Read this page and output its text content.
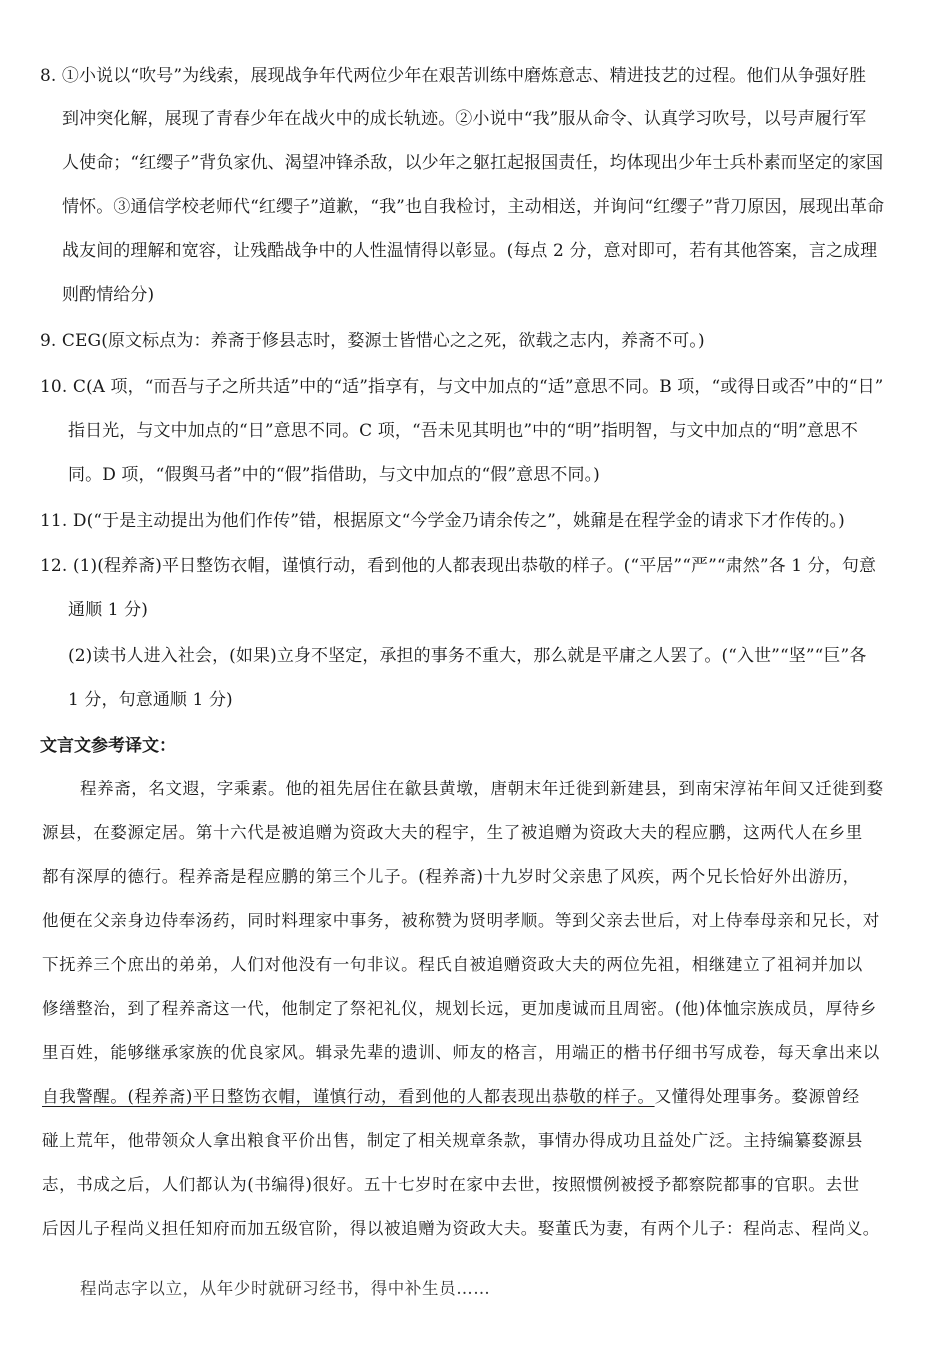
8. ①小说以“吹号”为线索，展现战争年代两位少年在艰苦训练中磨炼意志、精进技艺的过程。他们从争强好胜
到冲突化解，展现了青春少年在战火中的成长轨迹。②小说中“我”服从命令、认真学习吹号，以号声履行军
人使命；“红缨子”背负家仇、渴望冲锋杀敌，以少年之躯扛起报国责任，均体现出少年士兵朴素而坚定的家国
情怀。③通信学校老师代“红缨子”道歉，“我”也自我检讨，主动相送，并询问“红缨子”背刀原因，展现出革命
战友间的理解和宽容，让残酷战争中的人性温情得以彰显。(每点 2 分，意对即可，若有其他答案，言之成理
则酌情给分)
9. CEG(原文标点为：养斋于修县志时，婺源士皆惜心之之死，欲载之志内，养斋不可。)
10. C(A 项，“而吾与子之所共适”中的“适”指享有，与文中加点的“适”意思不同。B 项，“或得日或否”中的“日”
指日光，与文中加点的“日”意思不同。C 项，“吾未见其明也”中的“明”指明智，与文中加点的“明”意思不
同。D 项，“假舆马者”中的“假”指借助，与文中加点的“假”意思不同。)
11. D(“于是主动提出为他们作传”错，根据原文“今学金乃请余传之”，姚鼐是在程学金的请求下才作传的。)
12. (1)(程养斋)平日整饬衣帽，谨慎行动，看到他的人都表现出恭敬的样子。(“平居”“严”“肃然”各 1 分，句意
通顺 1 分)
(2)读书人进入社会，(如果)立身不坚定，承担的事务不重大，那么就是平庸之人罢了。(“入世”“坚”“巨”各
1 分，句意通顺 1 分)
文言文参考译文：
程养斋，名文遐，字乘素。他的祖先居住在歙县黄墩，唐朝末年迁徙到新建县，到南宋淳祐年间又迁徙到婺
源县，在婺源定居。第十六代是被追赠为资政大夫的程宇，生了被追赠为资政大夫的程应鹏，这两代人在乡里
都有深厚的德行。程养斋是程应鹏的第三个儿子。(程养斋)十九岁时父亲患了风疾，两个兄长恰好外出游历，
他便在父亲身边侍奉汤药，同时料理家中事务，被称赞为贤明孝顺。等到父亲去世后，对上侍奉母亲和兄长，对
下抚养三个庶出的弟弟，人们对他没有一句非议。程氏自被追赠资政大夫的两位先祖，相继建立了祖祠并加以
修缮整治，到了程养斋这一代，他制定了祭祀礼仪，规划长远，更加虔诚而且周密。(他)体恤宗族成员，厚待乡
里百姓，能够继承家族的优良家风。辑录先辈的遗训、师友的格言，用端正的楷书仔细书写成卷，每天拿出来以
自我警醒。(程养斋)平日整饬衣帽，谨慎行动，看到他的人都表现出恭敬的样子。又懂得处理事务。婺源曾经
碰上荒年，他带领众人拿出粮食平价出售，制定了相关规章条款，事情办得成功且益处广泛。主持编纂婺源县
志，书成之后，人们都认为(书编得)很好。五十七岁时在家中去世，按照惯例被授予都察院都事的官职。去世
后因儿子程尚义担任知府而加五级官阶，得以被追赠为资政大夫。娶董氏为妻，有两个儿子：程尚志、程尚义。
程尚志字以立，从年少时就研习经书，得中补生员……
